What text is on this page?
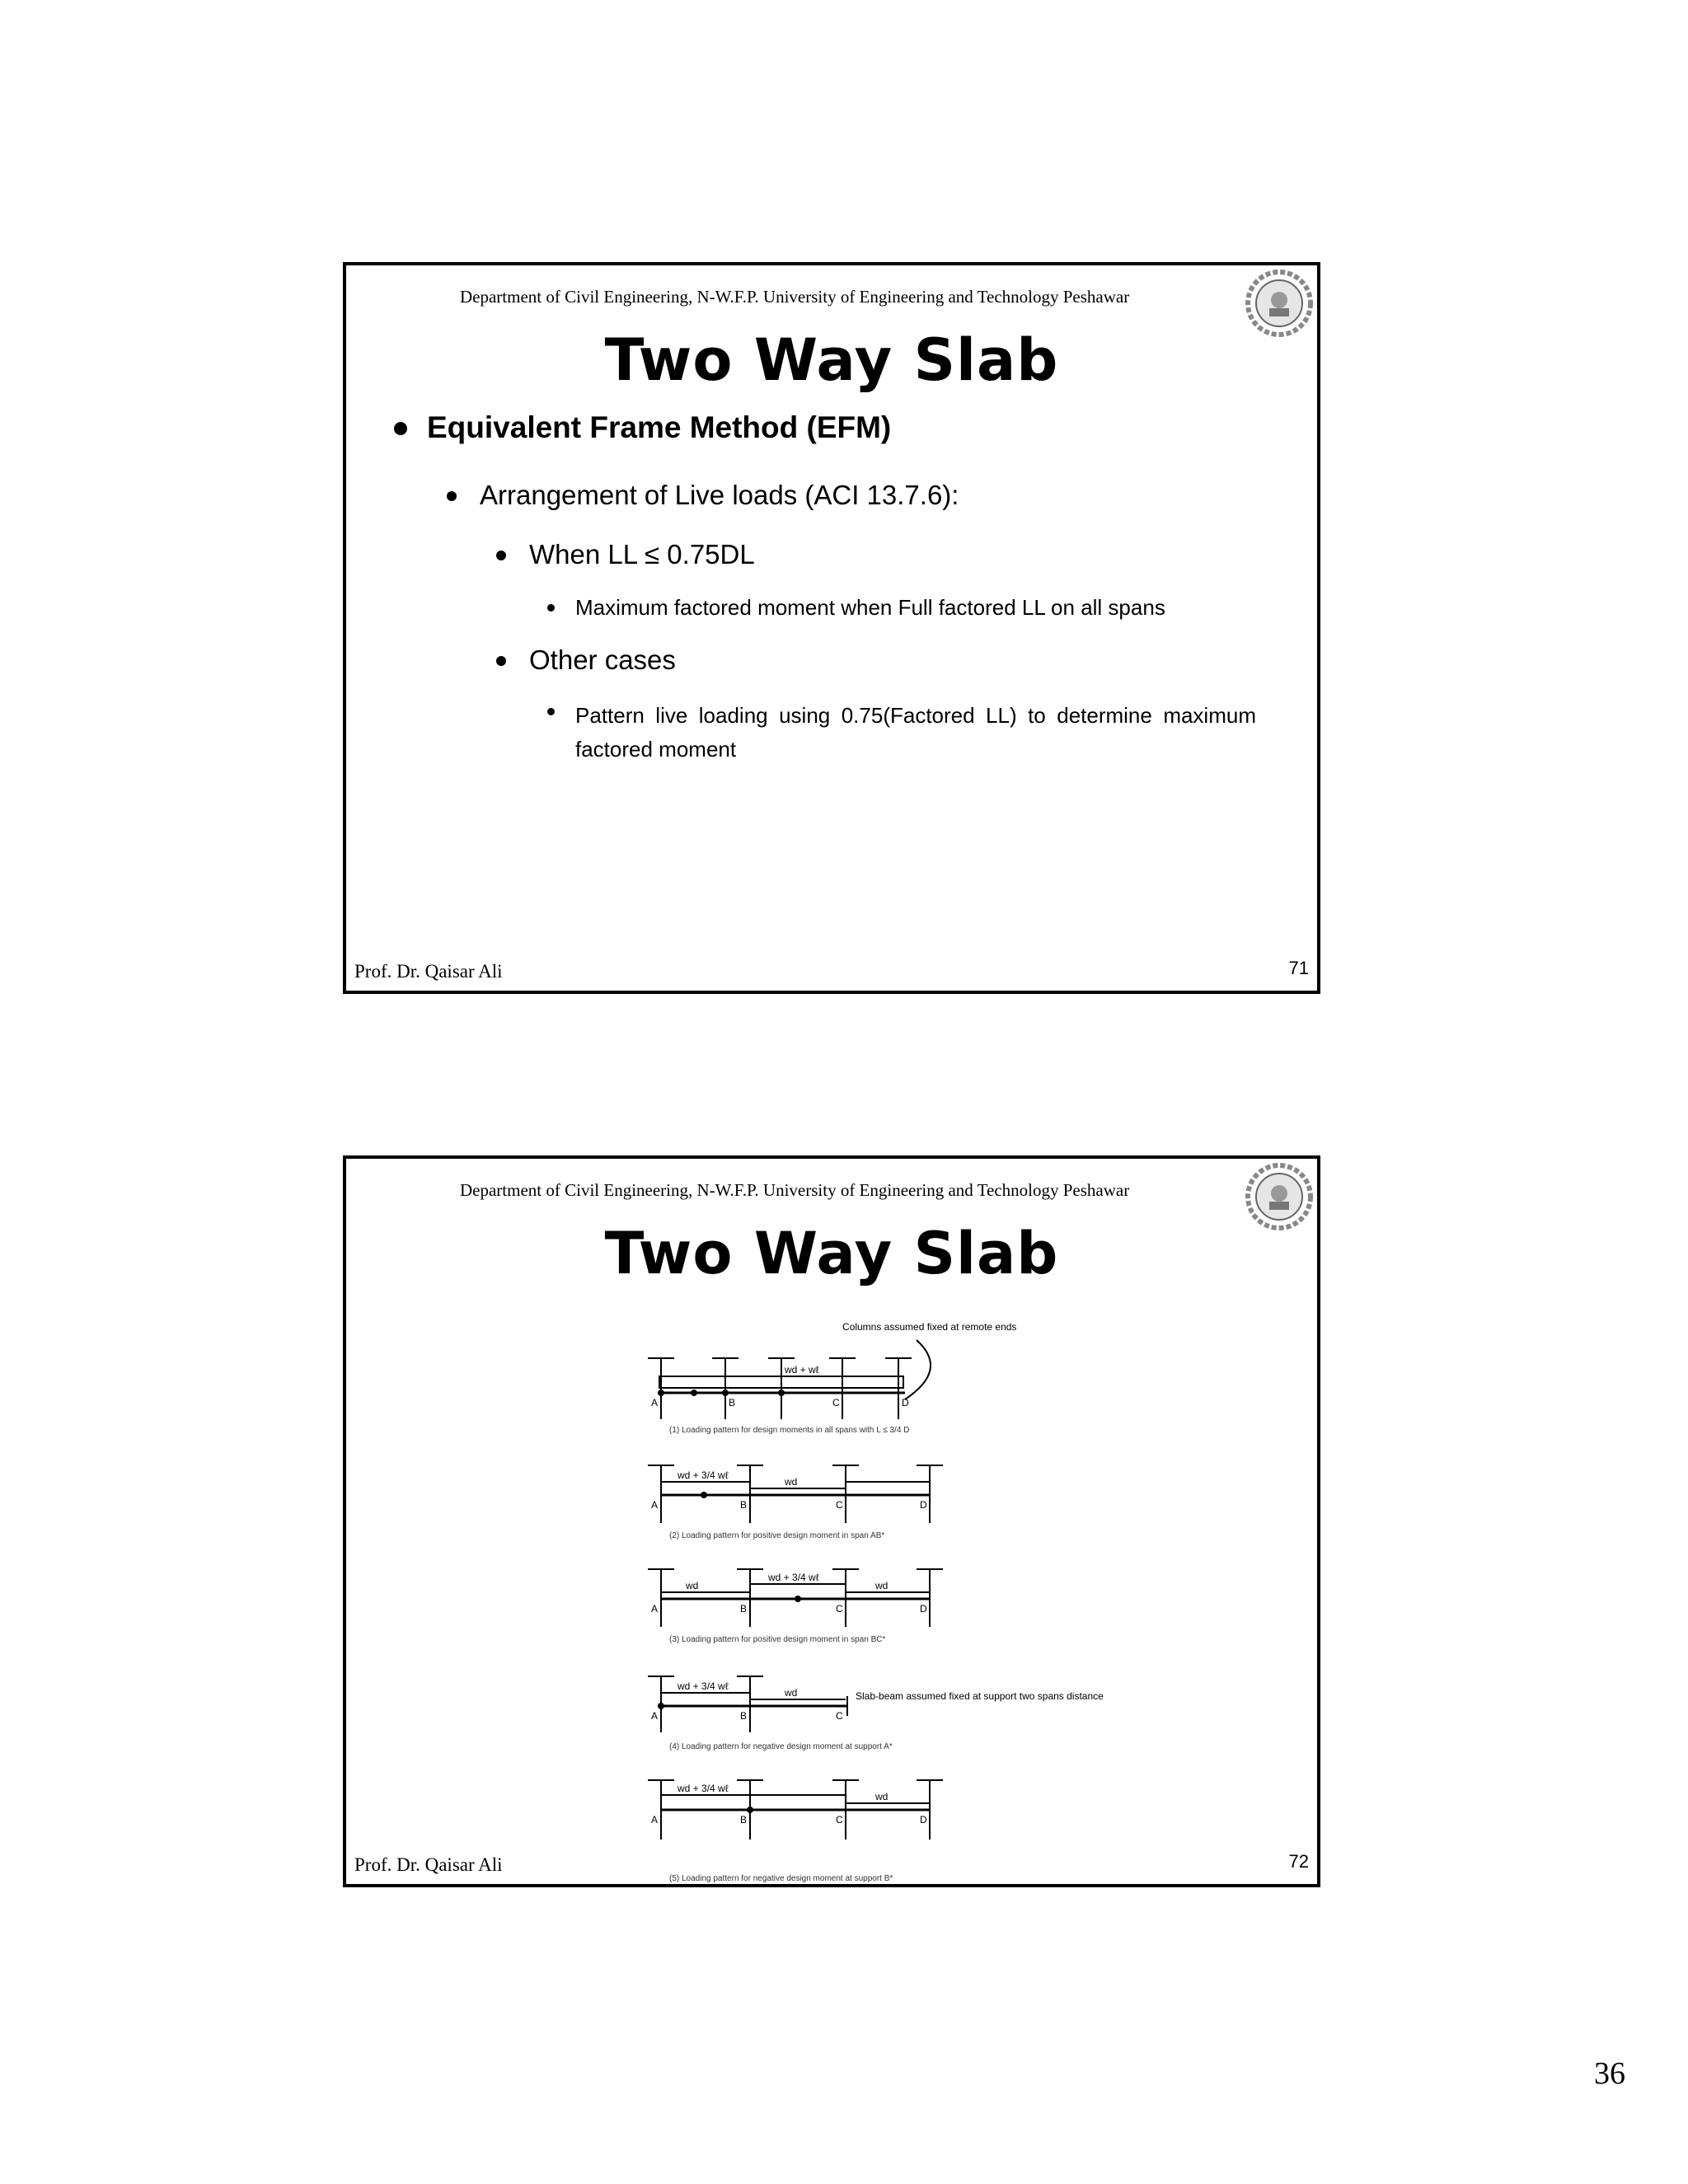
Department of Civil Engineering, N-W.F.P. University of Engineering and Technology Peshawar
Two Way Slab
Equivalent Frame Method (EFM)
Arrangement of Live loads (ACI 13.7.6):
When LL ≤ 0.75DL
Maximum factored moment when Full factored LL on all spans
Other cases
Pattern live loading using 0.75(Factored LL) to determine maximum
factored moment
Prof. Dr. Qaisar Ali	71
Department of Civil Engineering, N-W.F.P. University of Engineering and Technology Peshawar
Two Way Slab
Columns assumed fixed at remote ends
wd + wℓ
wd + 3/4 wℓ
wd
wd
wd + 3/4 wℓ
wd
wd + 3/4 wℓ
wd	Slab-beam assumed fixed at support two spans distance
wd + 3/4 wℓ
wd
A	B	C	D
A	B	C	D
A	B	C	D
A	B	C
A	B	C	D
(1) Loading pattern for design moments in all spans with L ≤ 3/4 D
(2) Loading pattern for positive design moment in span AB*
(3) Loading pattern for positive design moment in span BC*
(4) Loading pattern for negative design moment at support A*
(5) Loading pattern for negative design moment at support B*
Prof. Dr. Qaisar Ali	72
36
